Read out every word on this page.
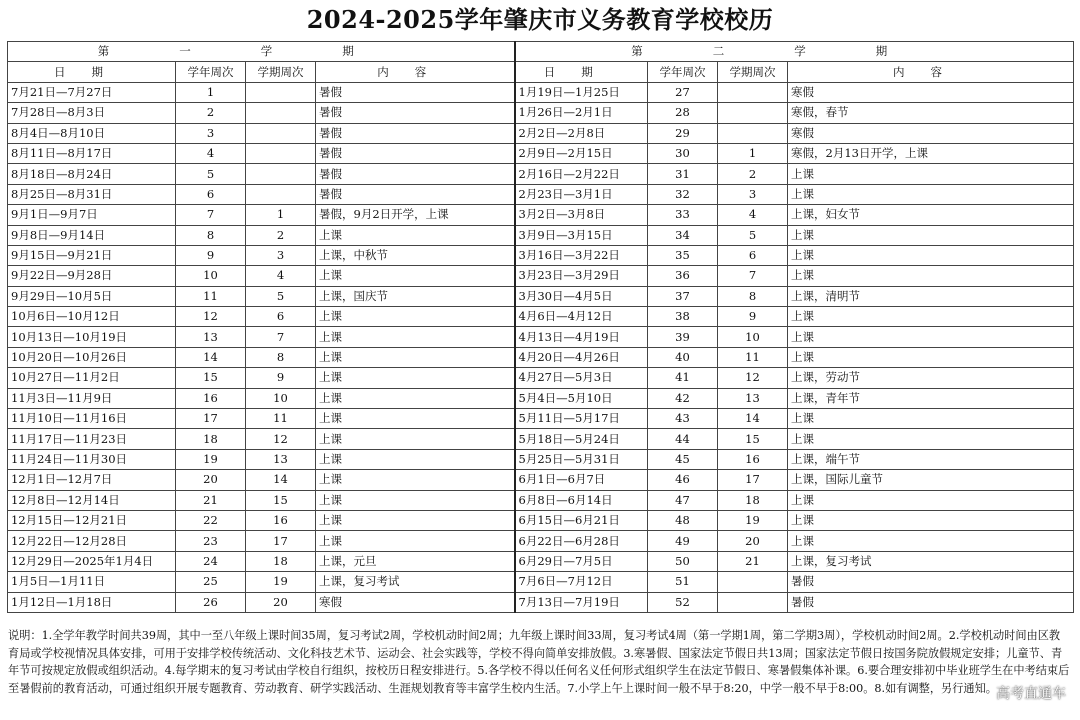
2024-2025学年肇庆市义务教育学校校历
第一学期				第二学期			
日期	学年周次	学期周次	内容	日期	学年周次	学期周次	内容
7月21日—7月27日	1		暑假	1月19日—1月25日	27		寒假
7月28日—8月3日	2		暑假	1月26日—2月1日	28		寒假，春节
8月4日—8月10日	3		暑假	2月2日—2月8日	29		寒假
8月11日—8月17日	4		暑假	2月9日—2月15日	30	1	寒假，2月13日开学，上课
8月18日—8月24日	5		暑假	2月16日—2月22日	31	2	上课
8月25日—8月31日	6		暑假	2月23日—3月1日	32	3	上课
9月1日—9月7日	7	1	暑假，9月2日开学，上课	3月2日—3月8日	33	4	上课，妇女节
9月8日—9月14日	8	2	上课	3月9日—3月15日	34	5	上课
9月15日—9月21日	9	3	上课，中秋节	3月16日—3月22日	35	6	上课
9月22日—9月28日	10	4	上课	3月23日—3月29日	36	7	上课
9月29日—10月5日	11	5	上课，国庆节	3月30日—4月5日	37	8	上课，清明节
10月6日—10月12日	12	6	上课	4月6日—4月12日	38	9	上课
10月13日—10月19日	13	7	上课	4月13日—4月19日	39	10	上课
10月20日—10月26日	14	8	上课	4月20日—4月26日	40	11	上课
10月27日—11月2日	15	9	上课	4月27日—5月3日	41	12	上课，劳动节
11月3日—11月9日	16	10	上课	5月4日—5月10日	42	13	上课，青年节
11月10日—11月16日	17	11	上课	5月11日—5月17日	43	14	上课
11月17日—11月23日	18	12	上课	5月18日—5月24日	44	15	上课
11月24日—11月30日	19	13	上课	5月25日—5月31日	45	16	上课，端午节
12月1日—12月7日	20	14	上课	6月1日—6月7日	46	17	上课，国际儿童节
12月8日—12月14日	21	15	上课	6月8日—6月14日	47	18	上课
12月15日—12月21日	22	16	上课	6月15日—6月21日	48	19	上课
12月22日—12月28日	23	17	上课	6月22日—6月28日	49	20	上课
12月29日—2025年1月4日	24	18	上课，元旦	6月29日—7月5日	50	21	上课，复习考试
1月5日—1月11日	25	19	上课，复习考试	7月6日—7月12日	51		暑假
1月12日—1月18日	26	20	寒假	7月13日—7月19日	52		暑假
说明：1.全学年教学时间共39周，其中一至八年级上课时间35周，复习考试2周，学校机动时间2周；九年级上课时间33周，复习考试4周（第一学期1周，第二学期3周），学校机动时间2周。2.学校机动时间由区教育局或学校视情况具体安排，可用于安排学校传统活动、文化科技艺术节、运动会、社会实践等，学校不得向简单安排放假。3.寒暑假、国家法定节假日共13周；国家法定节假日按国务院放假规定安排；儿童节、青年节可按规定放假或组织活动。4.每学期末的复习考试由学校自行组织，按校历日程安排进行。5.各学校不得以任何名义任何形式组织学生在法定节假日、寒暑假集体补课。6.要合理安排初中毕业班学生在中考结束后至暑假前的教育活动，可通过组织开展专题教育、劳动教育、研学实践活动、生涯规划教育等丰富学生校内生活。7.小学上午上课时间一般不早于8:20，中学一般不早于8:00。8.如有调整，另行通知。 高考直通车
